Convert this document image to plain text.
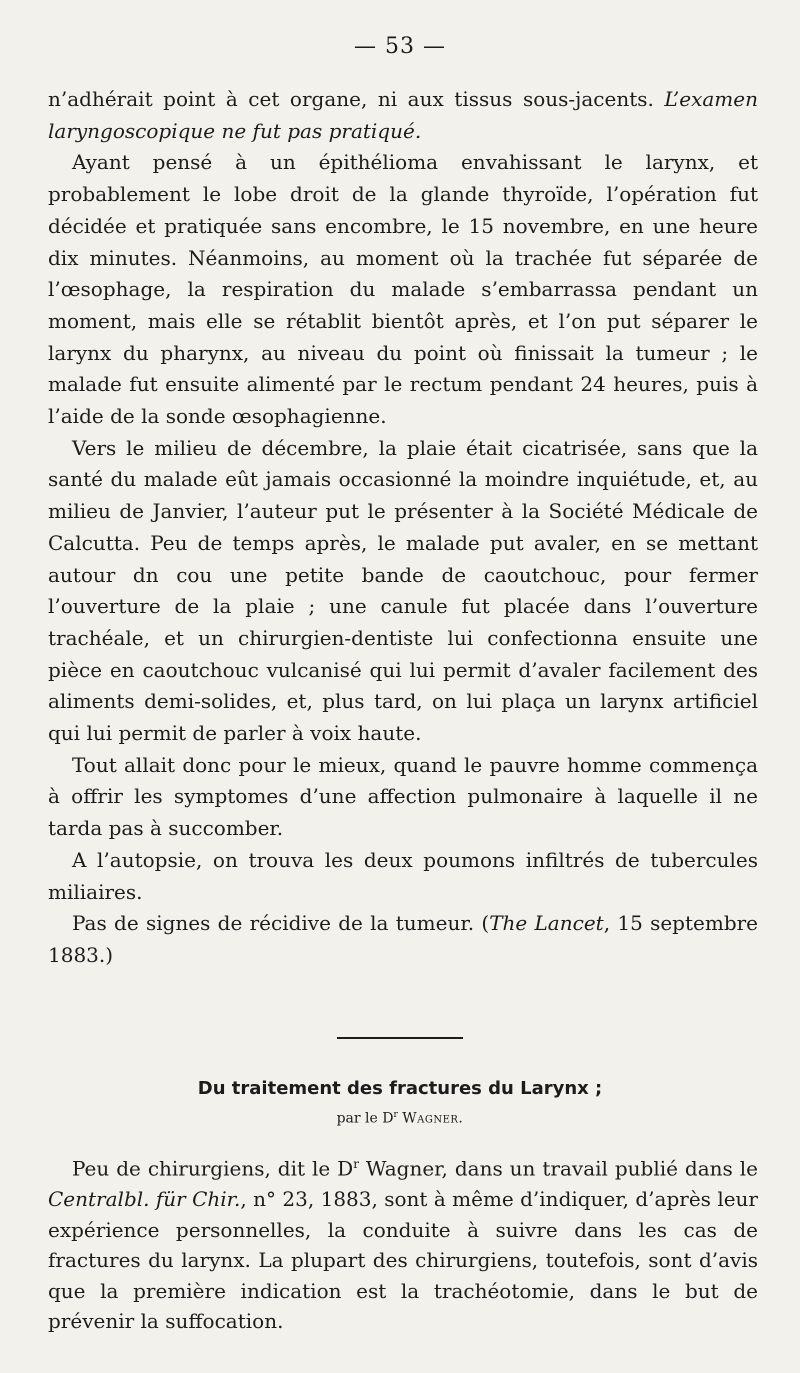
— 53 —

n’adhérait point à cet organe, ni aux tissus sous-jacents. L’examen laryngoscopique ne fut pas pratiqué.

Ayant pensé à un épithélioma envahissant le larynx, et probablement le lobe droit de la glande thyroïde, l’opération fut décidée et pratiquée sans encombre, le 15 novembre, en une heure dix minutes. Néanmoins, au moment où la trachée fut séparée de l’œsophage, la respiration du malade s’embarrassa pendant un moment, mais elle se rétablit bientôt après, et l’on put séparer le larynx du pharynx, au niveau du point où finissait la tumeur ; le malade fut ensuite alimenté par le rectum pendant 24 heures, puis à l’aide de la sonde œsophagienne.

Vers le milieu de décembre, la plaie était cicatrisée, sans que la santé du malade eût jamais occasionné la moindre inquiétude, et, au milieu de Janvier, l’auteur put le présenter à la Société Médicale de Calcutta. Peu de temps après, le malade put avaler, en se mettant autour dn cou une petite bande de caoutchouc, pour fermer l’ouverture de la plaie ; une canule fut placée dans l’ouverture trachéale, et un chirurgien-dentiste lui confectionna ensuite une pièce en caoutchouc vulcanisé qui lui permit d’avaler facilement des aliments demi-solides, et, plus tard, on lui plaça un larynx artificiel qui lui permit de parler à voix haute.

Tout allait donc pour le mieux, quand le pauvre homme commença à offrir les symptomes d’une affection pulmonaire à laquelle il ne tarda pas à succomber.

A l’autopsie, on trouva les deux poumons infiltrés de tubercules miliaires.

Pas de signes de récidive de la tumeur. (The Lancet, 15 septembre 1883.)

Du traitement des fractures du Larynx ;
par le $D^r$ Wagner.

Peu de chirurgiens, dit le $D^r$ Wagner, dans un travail publié dans le Centralbl. für Chir., n° 23, 1883, sont à même d’indiquer, d’après leur expérience personnelles, la conduite à suivre dans les cas de fractures du larynx. La plupart des chirurgiens, toutefois, sont d’avis que la première indication est la trachéotomie, dans le but de prévenir la suffocation.
